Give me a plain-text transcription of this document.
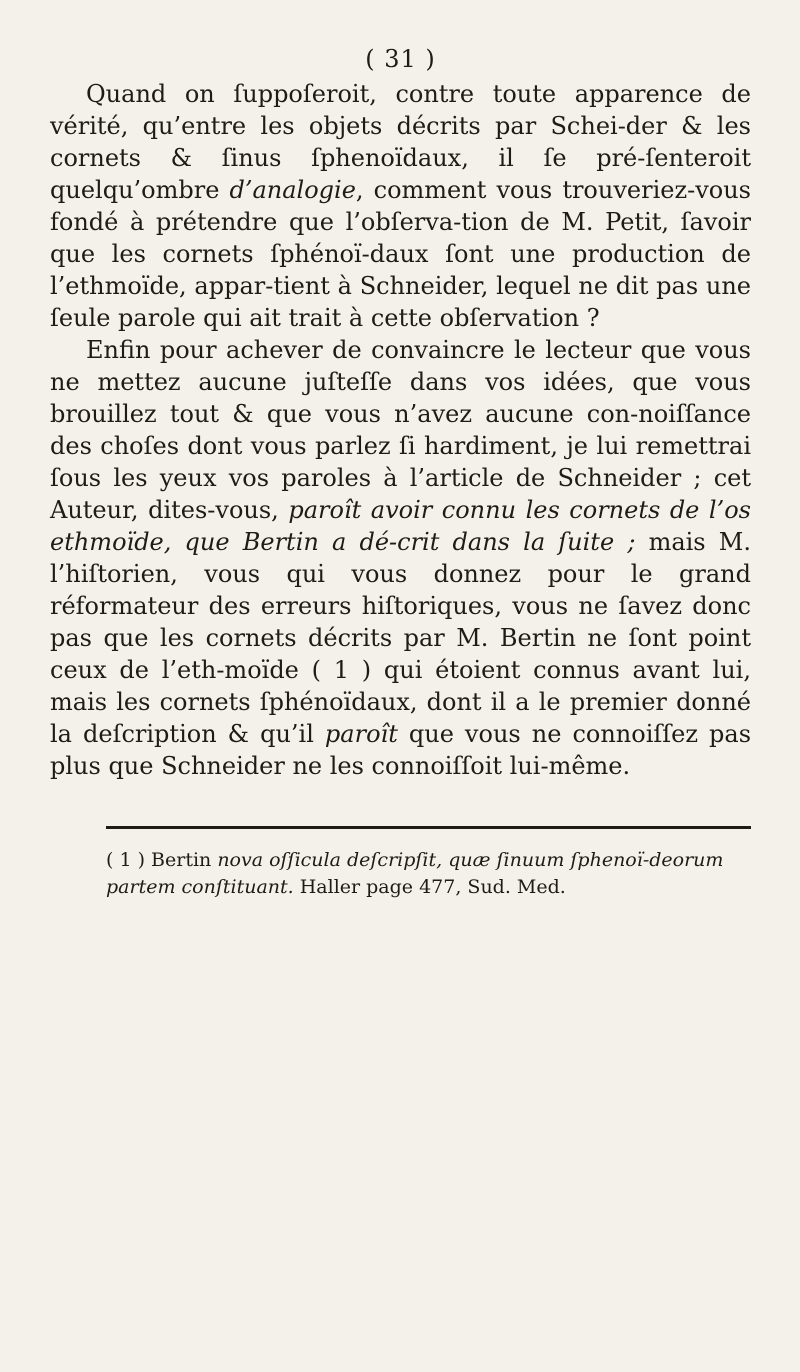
( 31 )

Quand on ſuppoſeroit, contre toute apparence de vérité, qu’entre les objets décrits par Schei-der & les cornets & ſinus ſphenoïdaux, il ſe pré-ſenteroit quelqu’ombre d’analogie, comment vous trouveriez-vous fondé à prétendre que l’obſerva-tion de M. Petit, ſavoir que les cornets ſphénoï-daux ſont une production de l’ethmoïde, appar-tient à Schneider, lequel ne dit pas une ſeule parole qui ait trait à cette obſervation ?

Enfin pour achever de convaincre le lecteur que vous ne mettez aucune juſteſſe dans vos idées, que vous brouillez tout & que vous n’avez aucune con-noiſſance des choſes dont vous parlez ſi hardiment, je lui remettrai ſous les yeux vos paroles à l’article de Schneider ; cet Auteur, dites-vous, paroît avoir connu les cornets de l’os ethmoïde, que Bertin a dé-crit dans la ſuite ; mais M. l’hiſtorien, vous qui vous donnez pour le grand réformateur des erreurs hiſtoriques, vous ne ſavez donc pas que les cornets décrits par M. Bertin ne ſont point ceux de l’eth-moïde ( 1 ) qui étoient connus avant lui, mais les cornets ſphénoïdaux, dont il a le premier donné la deſcription & qu’il paroît que vous ne connoiſſez pas plus que Schneider ne les connoiſſoit lui-même.

( 1 ) Bertin nova oſſicula deſcripſit, quæ ſinuum ſphenoï-deorum partem conſtituant. Haller page 477, Sud. Med.
